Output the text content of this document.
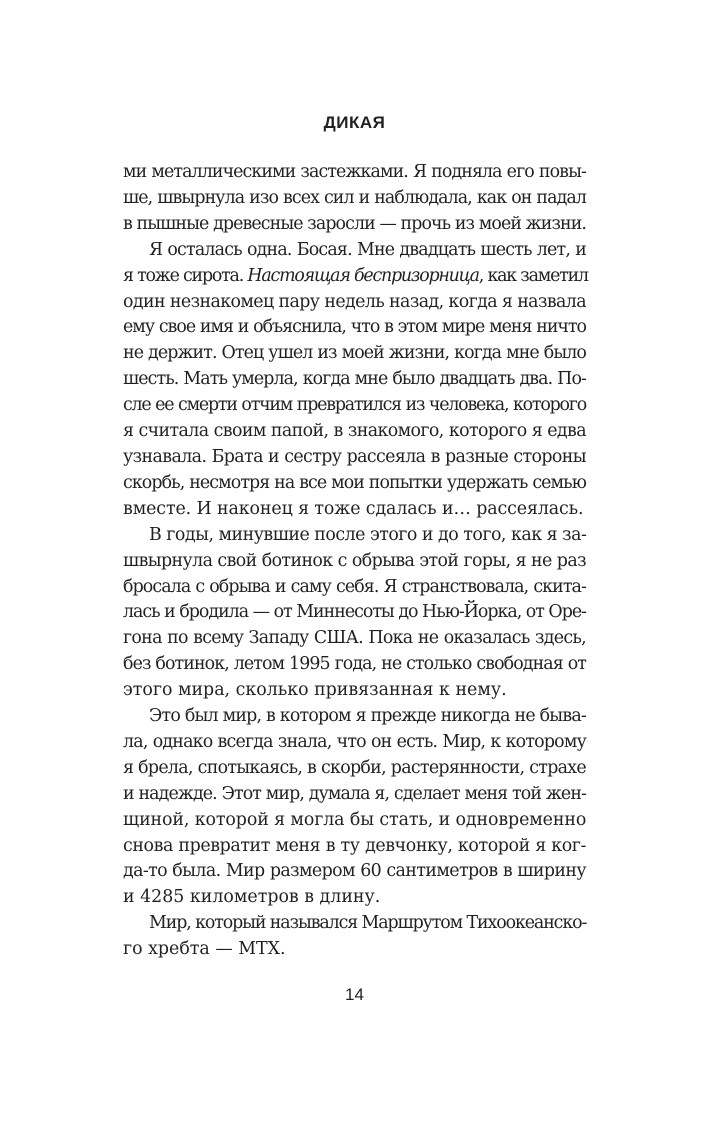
ДИКАЯ
ми металлическими застежками. Я подняла его повы-
ше, швырнула изо всех сил и наблюдала, как он падал
в пышные древесные заросли — прочь из моей жизни.
Я осталась одна. Босая. Мне двадцать шесть лет, и
я тоже сирота. Настоящая беспризорница, как заметил
один незнакомец пару недель назад, когда я назвала
ему свое имя и объяснила, что в этом мире меня ничто
не держит. Отец ушел из моей жизни, когда мне было
шесть. Мать умерла, когда мне было двадцать два. По-
сле ее смерти отчим превратился из человека, которого
я считала своим папой, в знакомого, которого я едва
узнавала. Брата и сестру рассеяла в разные стороны
скорбь, несмотря на все мои попытки удержать семью
вместе. И наконец я тоже сдалась и… рассеялась.
В годы, минувшие после этого и до того, как я за-
швырнула свой ботинок с обрыва этой горы, я не раз
бросала с обрыва и саму себя. Я странствовала, скита-
лась и бродила — от Миннесоты до Нью-Йорка, от Оре-
гона по всему Западу США. Пока не оказалась здесь,
без ботинок, летом 1995 года, не столько свободная от
этого мира, сколько привязанная к нему.
Это был мир, в котором я прежде никогда не быва-
ла, однако всегда знала, что он есть. Мир, к которому
я брела, спотыкаясь, в скорби, растерянности, страхе
и надежде. Этот мир, думала я, сделает меня той жен-
щиной, которой я могла бы стать, и одновременно
снова превратит меня в ту девчонку, которой я ког-
да-то была. Мир размером 60 сантиметров в ширину
и 4285 километров в длину.
Мир, который назывался Маршрутом Тихоокеанско-
го хребта — МТХ.
14
